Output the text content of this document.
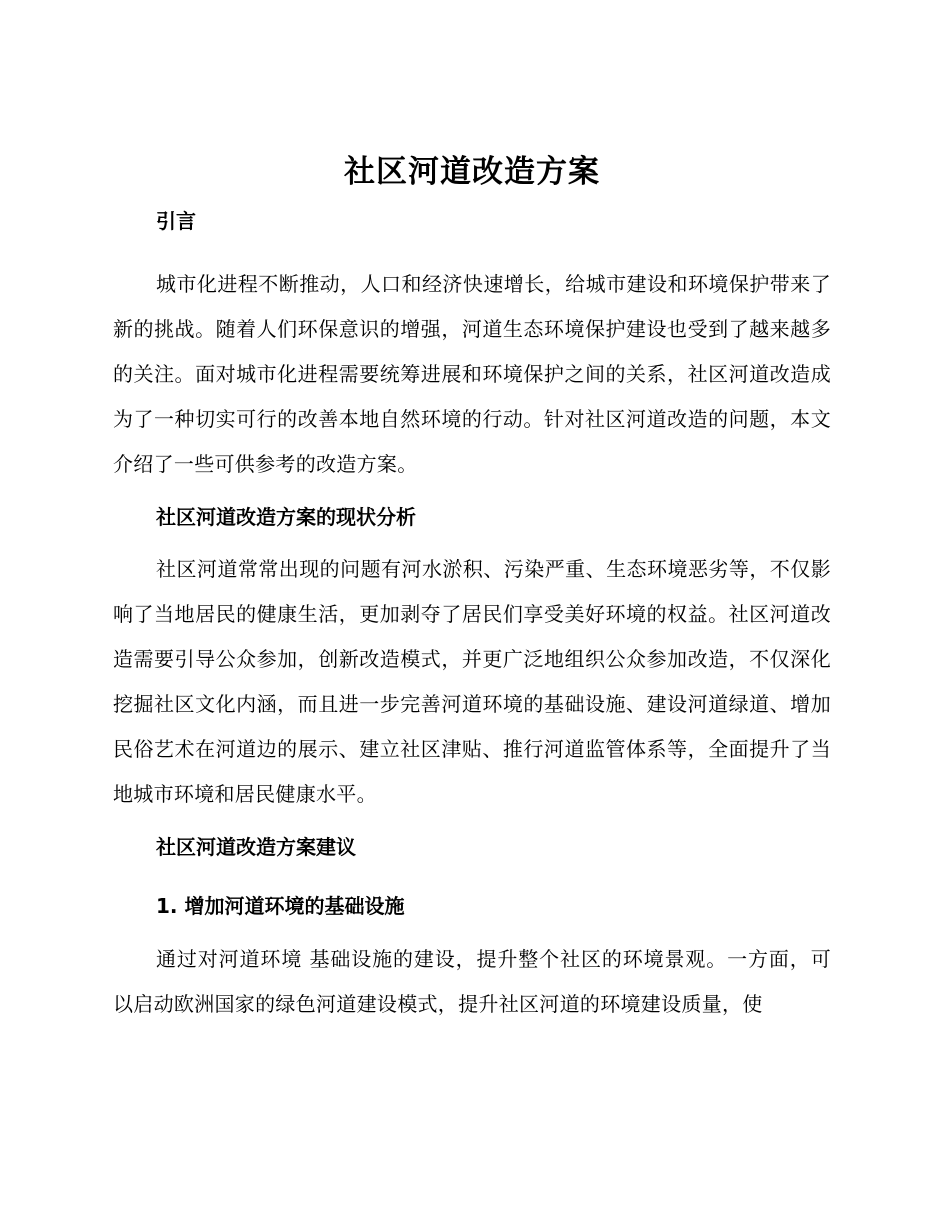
社区河道改造方案
引言

城市化进程不断推动，人口和经济快速增长，给城市建设和环境保护带来了新的挑战。随着人们环保意识的增强，河道生态环境保护建设也受到了越来越多的关注。面对城市化进程需要统筹进展和环境保护之间的关系，社区河道改造成为了一种切实可行的改善本地自然环境的行动。针对社区河道改造的问题，本文介绍了一些可供参考的改造方案。

社区河道改造方案的现状分析

社区河道常常出现的问题有河水淤积、污染严重、生态环境恶劣等，不仅影响了当地居民的健康生活，更加剥夺了居民们享受美好环境的权益。社区河道改造需要引导公众参加，创新改造模式，并更广泛地组织公众参加改造，不仅深化挖掘社区文化内涵，而且进一步完善河道环境的基础设施、建设河道绿道、增加民俗艺术在河道边的展示、建立社区津贴、推行河道监管体系等，全面提升了当地城市环境和居民健康水平。

社区河道改造方案建议
1. 增加河道环境的基础设施

通过对河道环境 基础设施的建设，提升整个社区的环境景观。一方面，可以启动欧洲国家的绿色河道建设模式，提升社区河道的环境建设质量，使
